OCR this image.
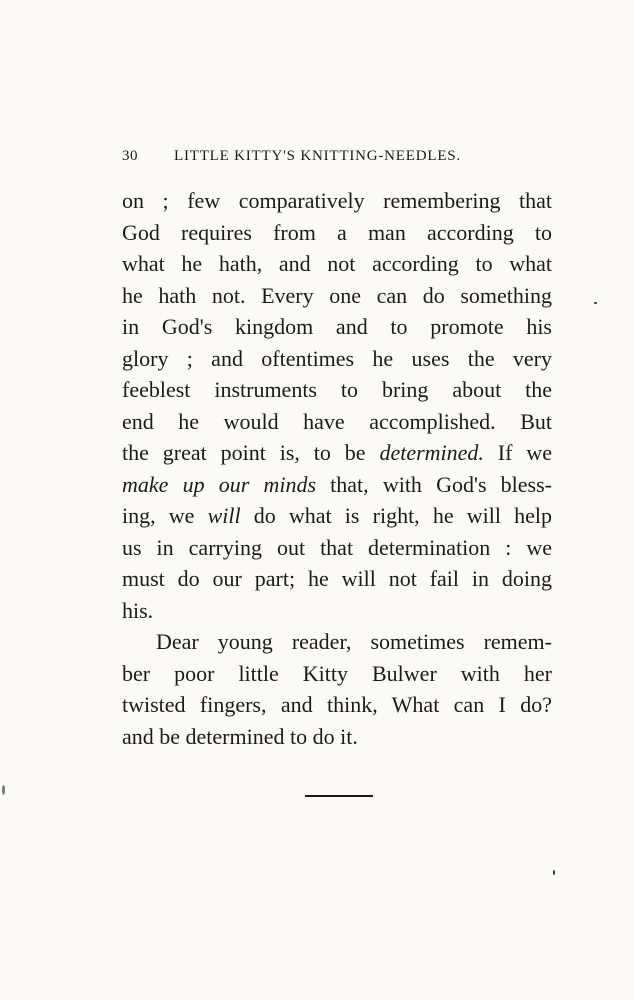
30 LITTLE KITTY'S KNITTING-NEEDLES.
on ; few comparatively remembering that
God requires from a man according to
what he hath, and not according to what
he hath not. Every one can do something
in God's kingdom and to promote his
glory ; and oftentimes he uses the very
feeblest instruments to bring about the
end he would have accomplished. But
the great point is, to be determined. If we
make up our minds that, with God's bless-
ing, we will do what is right, he will help
us in carrying out that determination : we
must do our part; he will not fail in doing
his.
Dear young reader, sometimes remem-
ber poor little Kitty Bulwer with her
twisted fingers, and think, What can I do?
and be determined to do it.
